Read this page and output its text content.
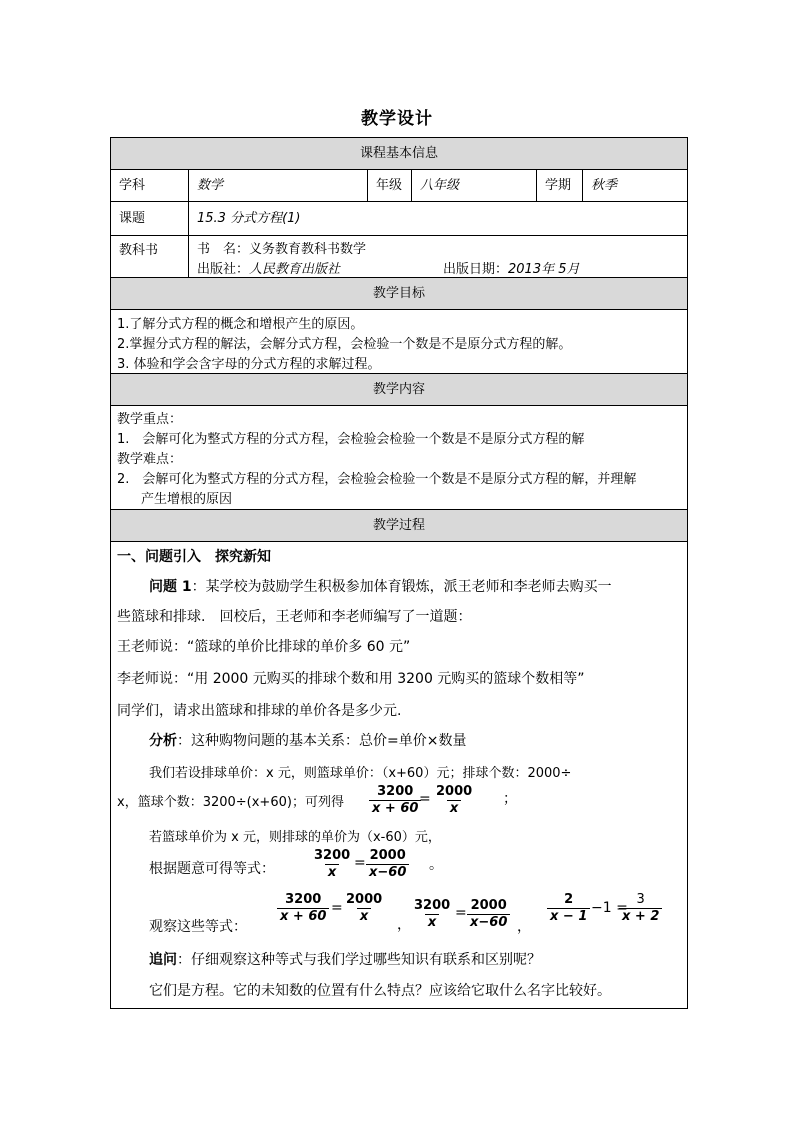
教学设计
课程基本信息
学科	数学	年级	八年级	学期	秋季
课题	15.3 分式方程(1)
教科书	书　名：义务教育教科书数学
出版社：人民教育出版社	出版日期：2013年 5月
教学目标
1.了解分式方程的概念和增根产生的原因。
2.掌握分式方程的解法，会解分式方程，会检验一个数是不是原分式方程的解。
3. 体验和学会含字母的分式方程的求解过程。
教学内容
教学重点：
1.　会解可化为整式方程的分式方程，会检验会检验一个数是不是原分式方程的解
教学难点：
2.　会解可化为整式方程的分式方程，会检验会检验一个数是不是原分式方程的解，并理解
产生增根的原因
教学过程
一、问题引入　探究新知
问题 1：某学校为鼓励学生积极参加体育锻炼，派王老师和李老师去购买一
些篮球和排球.　回校后，王老师和李老师编写了一道题：
王老师说：“篮球的单价比排球的单价多 60 元”
李老师说：“用 2000 元购买的排球个数和用 3200 元购买的篮球个数相等”
同学们，请求出篮球和排球的单价各是多少元.
分析：这种购物问题的基本关系：总价=单价×数量
我们若设排球单价：x 元，则篮球单价：（x+60）元；排球个数：2000÷
x，篮球个数：3200÷(x+60)；可列得 $\frac{3200}{x + 60}$
= $\frac{2000}{x}$ ；
若篮球单价为 x 元，则排球的单价为（x-60）元，
根据题意可得等式：	$\frac{3200}{x} = \frac{2000}{x-60}$ 。
观察这些等式：
$\frac{3200}{x + 60} = \frac{2000}{x}$ ， $\frac{3200}{x} = \frac{2000}{x-60}$ ，
$\frac{2}{x - 1} -1$ =
$\frac{3}{x + 2}$
追问：仔细观察这种等式与我们学过哪些知识有联系和区别呢？
它们是方程。它的未知数的位置有什么特点？应该给它取什么名字比较好。
